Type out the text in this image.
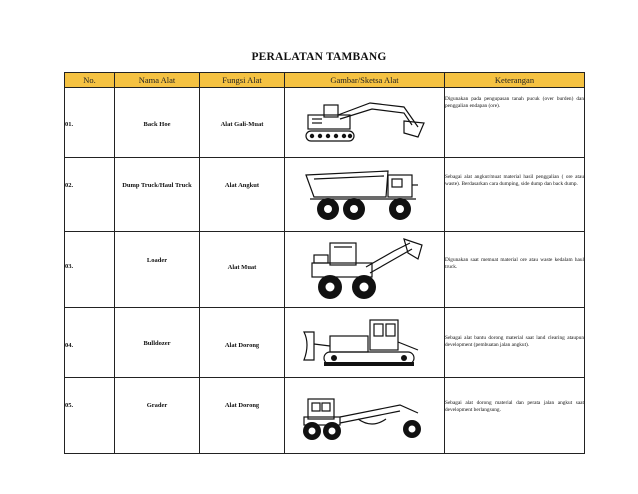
PERALATAN TAMBANG
No.	Nama Alat	Fungsi Alat	Gambar/Sketsa Alat	Keterangan

01.	Back Hoe	Alat Gali-Muat		Digunakan pada pengupasan tanah pucuk (over burden) dan penggalian endapan (ore).

02.	Dump Truck/Haul Truck	Alat Angkut		Sebagai alat angkut/muat material hasil penggalian ( ore atau waste). Berdasarkan cara dumping, side dump dan back dump.

03.	Loader	Alat Muat		Digunakan saat memuat material ore atau waste kedalam haul truck.

04.	Bulldozer	Alat Dorong		Sebagai alat bantu dorong material saat land clearing ataupun development (pembuatan jalan angkut).

05.	Grader	Alat Dorong		Sebagai alat dorong material dan perata jalan angkut saat development berlangsung.
